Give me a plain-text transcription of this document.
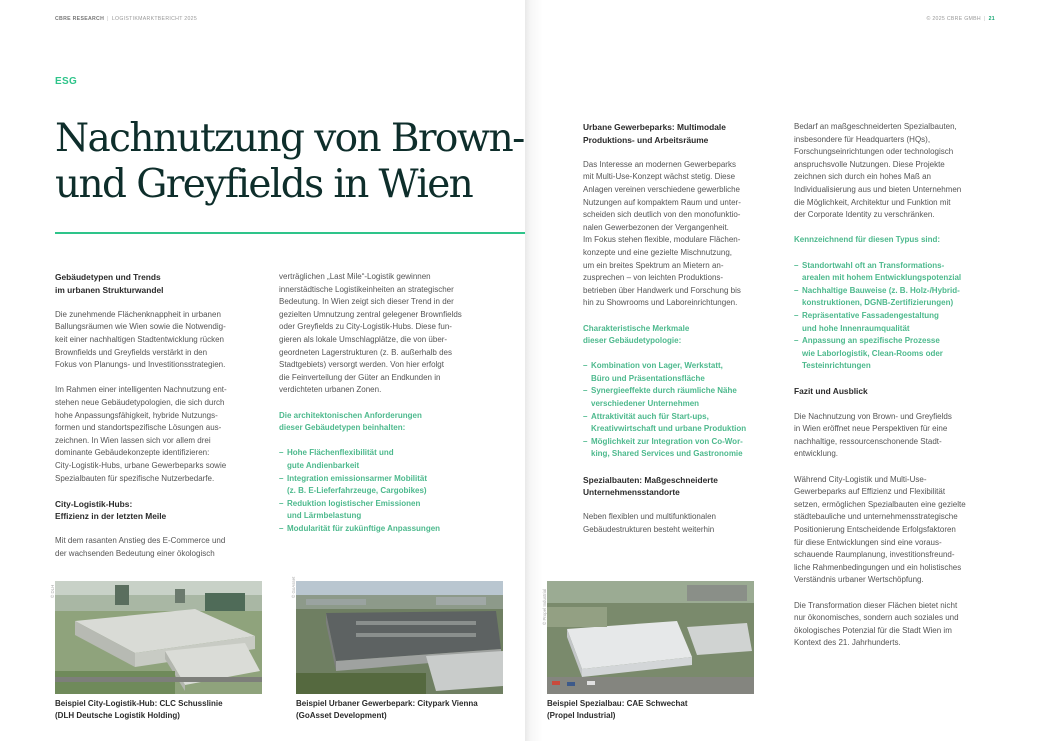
CBRE RESEARCH | LOGISTIKMARKTBERICHT 2025
ESG
Nachnutzung von Brown-
und Greyfields in Wien
Gebäudetypen und Trends
im urbanen Strukturwandel

Die zunehmende Flächenknappheit in urbanen
Ballungsräumen wie Wien sowie die Notwendig-
keit einer nachhaltigen Stadtentwicklung rücken
Brownfields und Greyfields verstärkt in den
Fokus von Planungs- und Investitionsstrategien.

Im Rahmen einer intelligenten Nachnutzung ent-
stehen neue Gebäudetypologien, die sich durch
hohe Anpassungsfähigkeit, hybride Nutzungs-
formen und standortspezifische Lösungen aus-
zeichnen. In Wien lassen sich vor allem drei
dominante Gebäudekonzepte identifizieren:
City-Logistik-Hubs, urbane Gewerbeparks sowie
Spezialbauten für spezifische Nutzerbedarfe.

City-Logistik-Hubs:
Effizienz in der letzten Meile

Mit dem rasanten Anstieg des E-Commerce und
der wachsenden Bedeutung einer ökologisch

verträglichen „Last Mile“-Logistik gewinnen
innerstädtische Logistikeinheiten an strategischer
Bedeutung. In Wien zeigt sich dieser Trend in der
gezielten Umnutzung zentral gelegener Brownfields
oder Greyfields zu City-Logistik-Hubs. Diese fun-
gieren als lokale Umschlagplätze, die von über-
geordneten Lagerstrukturen (z. B. außerhalb des
Stadtgebiets) versorgt werden. Von hier erfolgt
die Feinverteilung der Güter an Endkunden in
verdichteten urbanen Zonen.

Die architektonischen Anforderungen
dieser Gebäudetypen beinhalten:

– Hohe Flächenflexibilität und
gute Andienbarkeit
– Integration emissionsarmer Mobilität
(z. B. E-Lieferfahrzeuge, Cargobikes)
– Reduktion logistischer Emissionen
und Lärmbelastung
– Modularität für zukünftige Anpassungen
© DLH
Beispiel City-Logistik-Hub: CLC Schusslinie
(DLH Deutsche Logistik Holding)
© GoAsset
Beispiel Urbaner Gewerbepark: Citypark Vienna
(GoAsset Development)
© 2025 CBRE GMBH | 21
Urbane Gewerbeparks: Multimodale
Produktions- und Arbeitsräume

Das Interesse an modernen Gewerbeparks
mit Multi-Use-Konzept wächst stetig. Diese
Anlagen vereinen verschiedene gewerbliche
Nutzungen auf kompaktem Raum und unter-
scheiden sich deutlich von den monofunktio-
nalen Gewerbezonen der Vergangenheit.
Im Fokus stehen flexible, modulare Flächen-
konzepte und eine gezielte Mischnutzung,
um ein breites Spektrum an Mietern an-
zusprechen – von leichten Produktions-
betrieben über Handwerk und Forschung bis
hin zu Showrooms und Laboreinrichtungen.

Charakteristische Merkmale
dieser Gebäudetypologie:

– Kombination von Lager, Werkstatt,
Büro und Präsentationsfläche
– Synergieeffekte durch räumliche Nähe
verschiedener Unternehmen
– Attraktivität auch für Start-ups,
Kreativwirtschaft und urbane Produktion
– Möglichkeit zur Integration von Co-Wor-
king, Shared Services und Gastronomie
Spezialbauten: Maßgeschneiderte
Unternehmensstandorte

Neben flexiblen und multifunktionalen
Gebäudestrukturen besteht weiterhin

Bedarf an maßgeschneiderten Spezialbauten,
insbesondere für Headquarters (HQs),
Forschungseinrichtungen oder technologisch
anspruchsvolle Nutzungen. Diese Projekte
zeichnen sich durch ein hohes Maß an
Individualisierung aus und bieten Unternehmen
die Möglichkeit, Architektur und Funktion mit
der Corporate Identity zu verschränken.

Kennzeichnend für diesen Typus sind:

– Standortwahl oft an Transformations-
arealen mit hohem Entwicklungspotenzial
– Nachhaltige Bauweise (z. B. Holz-/Hybrid-
konstruktionen, DGNB-Zertifizierungen)
– Repräsentative Fassadengestaltung
und hohe Innenraumqualität
– Anpassung an spezifische Prozesse
wie Laborlogistik, Clean-Rooms oder
Testeinrichtungen
Fazit und Ausblick

Die Nachnutzung von Brown- und Greyfields
in Wien eröffnet neue Perspektiven für eine
nachhaltige, ressourcenschonende Stadt-
entwicklung.

Während City-Logistik und Multi-Use-
Gewerbeparks auf Effizienz und Flexibilität
setzen, ermöglichen Spezialbauten eine gezielte
städtebauliche und unternehmensstrategische
Positionierung Entscheidende Erfolgsfaktoren
für diese Entwicklungen sind eine voraus-
schauende Raumplanung, investitionsfreund-
liche Rahmenbedingungen und ein holistisches
Verständnis urbaner Wertschöpfung.

Die Transformation dieser Flächen bietet nicht
nur ökonomisches, sondern auch soziales und
ökologisches Potenzial für die Stadt Wien im
Kontext des 21. Jahrhunderts.

© Propel Industrial
Beispiel Spezialbau: CAE Schwechat
(Propel Industrial)
